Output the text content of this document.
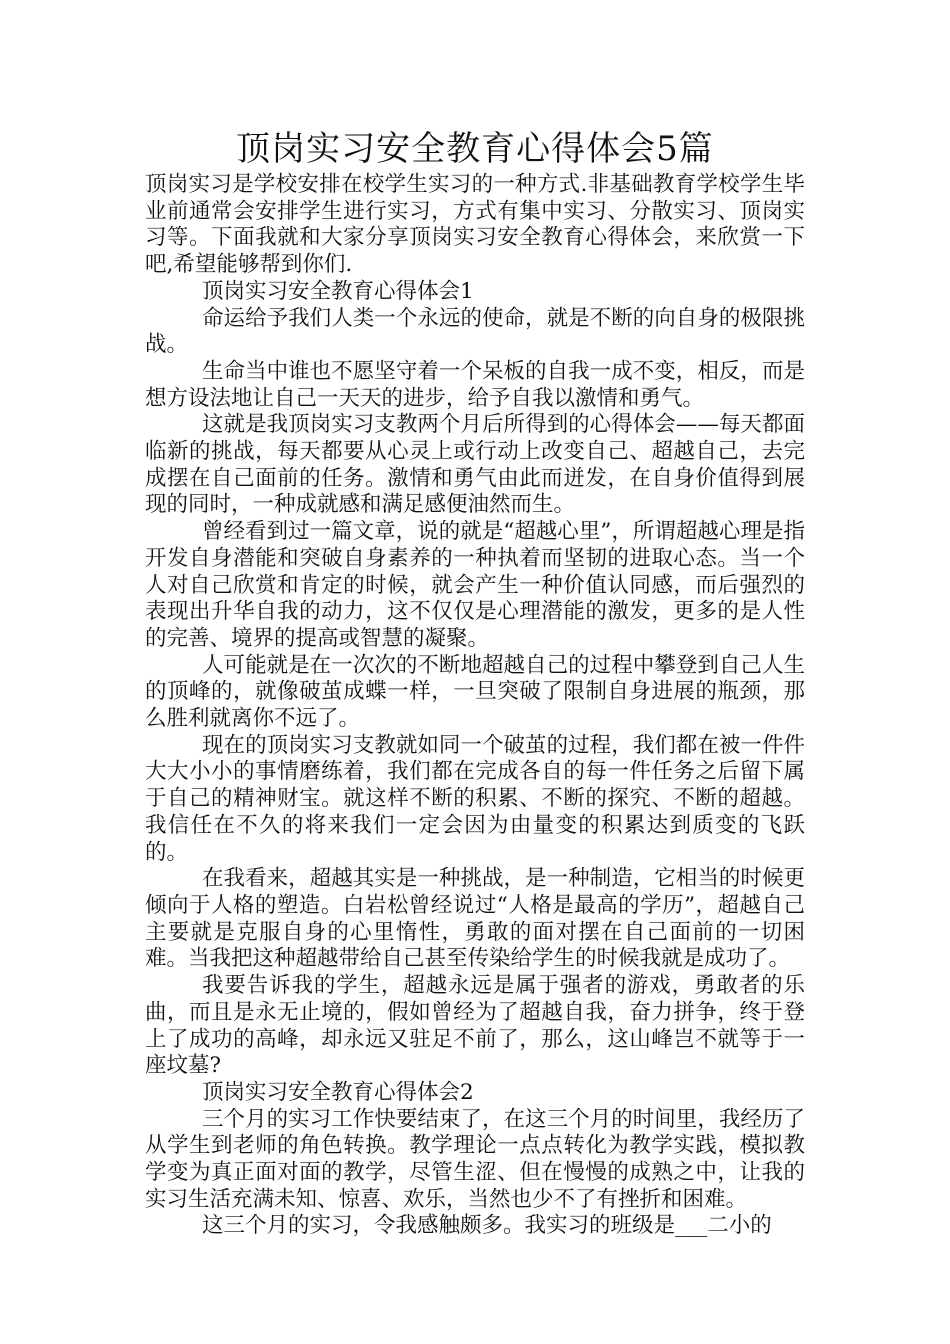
顶岗实习安全教育心得体会5篇

顶岗实习是学校安排在校学生实习的一种方式.非基础教育学校学生毕业前通常会安排学生进行实习，方式有集中实习、分散实习、顶岗实习等。下面我就和大家分享顶岗实习安全教育心得体会，来欣赏一下吧,希望能够帮到你们.

顶岗实习安全教育心得体会1

命运给予我们人类一个永远的使命，就是不断的向自身的极限挑战。

生命当中谁也不愿坚守着一个呆板的自我一成不变，相反，而是想方设法地让自己一天天的进步，给予自我以激情和勇气。

这就是我顶岗实习支教两个月后所得到的心得体会——每天都面临新的挑战，每天都要从心灵上或行动上改变自己、超越自己，去完成摆在自己面前的任务。激情和勇气由此而迸发，在自身价值得到展现的同时，一种成就感和满足感便油然而生。

曾经看到过一篇文章，说的就是“超越心里”，所谓超越心理是指开发自身潜能和突破自身素养的一种执着而坚韧的进取心态。当一个人对自己欣赏和肯定的时候，就会产生一种价值认同感，而后强烈的表现出升华自我的动力，这不仅仅是心理潜能的激发，更多的是人性的完善、境界的提高或智慧的凝聚。

人可能就是在一次次的不断地超越自己的过程中攀登到自己人生的顶峰的，就像破茧成蝶一样，一旦突破了限制自身进展的瓶颈，那么胜利就离你不远了。

现在的顶岗实习支教就如同一个破茧的过程，我们都在被一件件大大小小的事情磨练着，我们都在完成各自的每一件任务之后留下属于自己的精神财宝。就这样不断的积累、不断的探究、不断的超越。我信任在不久的将来我们一定会因为由量变的积累达到质变的飞跃的。

在我看来，超越其实是一种挑战，是一种制造，它相当的时候更倾向于人格的塑造。白岩松曾经说过“人格是最高的学历”，超越自己主要就是克服自身的心里惰性，勇敢的面对摆在自己面前的一切困难。当我把这种超越带给自己甚至传染给学生的时候我就是成功了。

我要告诉我的学生，超越永远是属于强者的游戏，勇敢者的乐曲，而且是永无止境的，假如曾经为了超越自我，奋力拼争，终于登上了成功的高峰，却永远又驻足不前了，那么，这山峰岂不就等于一座坟墓?

顶岗实习安全教育心得体会2

三个月的实习工作快要结束了，在这三个月的时间里，我经历了从学生到老师的角色转换。教学理论一点点转化为教学实践，模拟教学变为真正面对面的教学，尽管生涩、但在慢慢的成熟之中，让我的实习生活充满未知、惊喜、欢乐，当然也少不了有挫折和困难。

这三个月的实习，令我感触颇多。我实习的班级是___二小的
